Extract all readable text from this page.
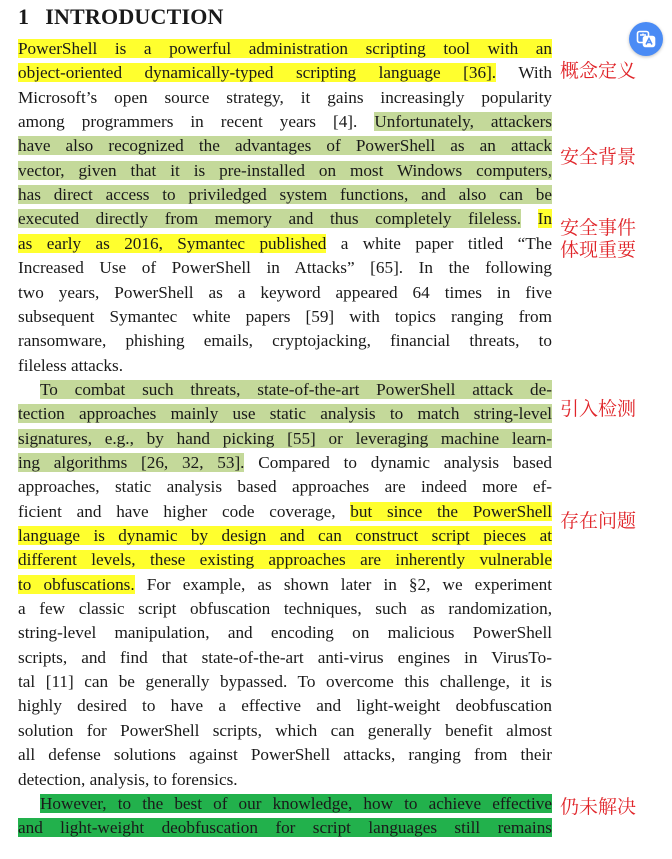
1 INTRODUCTION
PowerShell is a powerful administration scripting tool with an
object-oriented dynamically-typed scripting language [36]. With
Microsoft’s open source strategy, it gains increasingly popularity
among programmers in recent years [4]. Unfortunately, attackers
have also recognized the advantages of PowerShell as an attack
vector, given that it is pre-installed on most Windows computers,
has direct access to priviledged system functions, and also can be
executed directly from memory and thus completely fileless. In
as early as 2016, Symantec published a white paper titled “The
Increased Use of PowerShell in Attacks” [65]. In the following
two years, PowerShell as a keyword appeared 64 times in five
subsequent Symantec white papers [59] with topics ranging from
ransomware, phishing emails, cryptojacking, financial threats, to
fileless attacks.
To combat such threats, state-of-the-art PowerShell attack de-
tection approaches mainly use static analysis to match string-level
signatures, e.g., by hand picking [55] or leveraging machine learn-
ing algorithms [26, 32, 53]. Compared to dynamic analysis based
approaches, static analysis based approaches are indeed more ef-
ficient and have higher code coverage, but since the PowerShell
language is dynamic by design and can construct script pieces at
different levels, these existing approaches are inherently vulnerable
to obfuscations. For example, as shown later in §2, we experiment
a few classic script obfuscation techniques, such as randomization,
string-level manipulation, and encoding on malicious PowerShell
scripts, and find that state-of-the-art anti-virus engines in VirusTo-
tal [11] can be generally bypassed. To overcome this challenge, it is
highly desired to have a effective and light-weight deobfuscation
solution for PowerShell scripts, which can generally benefit almost
all defense solutions against PowerShell attacks, ranging from their
detection, analysis, to forensics.
However, to the best of our knowledge, how to achieve effective
and light-weight deobfuscation for script languages still remains
概念定义
安全背景
安全事件
体现重要
引入检测
存在问题
仍未解决
